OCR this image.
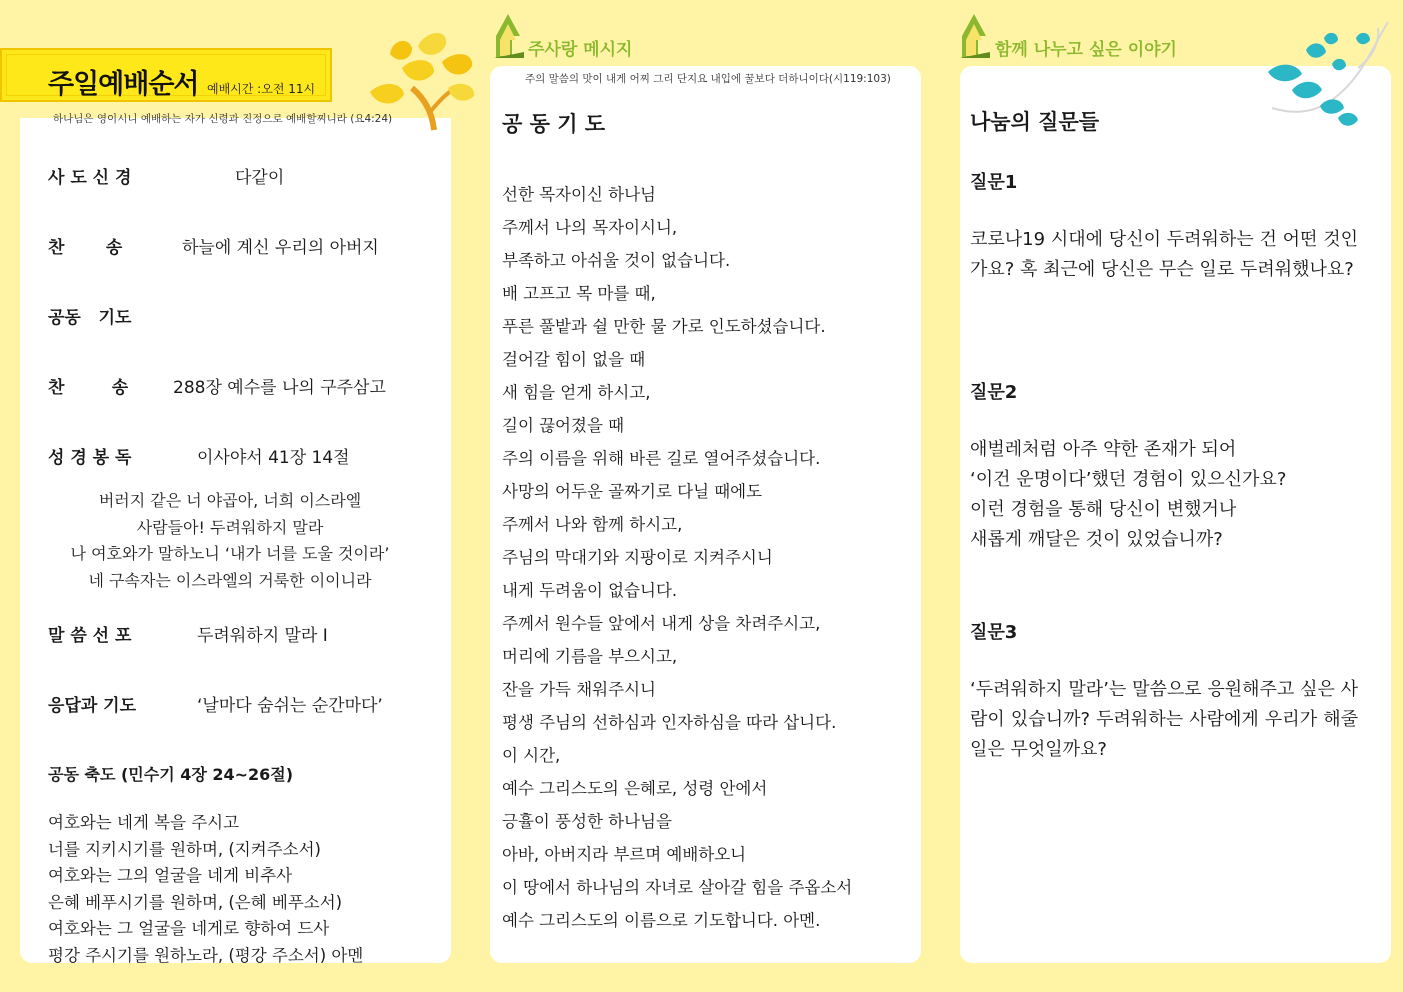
주일예배순서 예배시간 :오전 11시
하나님은 영이시니 예배하는 자가 신령과 진정으로 예배할찌니라 (요4:24)
사 도 신 경	다같이
찬       송	하늘에 계신 우리의 아버지
공동   기도
찬        송	288장 예수를 나의 구주삼고
성 경 봉 독	이사야서 41장 14절
버러지 같은 너 야곱아, 너희 이스라엘
사람들아! 두려워하지 말라
나 여호와가 말하노니 ‘내가 너를 도울 것이라’
네 구속자는 이스라엘의 거룩한 이이니라
말 씀 선 포	두려워하지 말라 I
응답과 기도	‘날마다 숨쉬는 순간마다’
공동 축도 (민수기 4장 24~26절)
여호와는 네게 복을 주시고
너를 지키시기를 원하며, (지켜주소서)
여호와는 그의 얼굴을 네게 비추사
은혜 베푸시기를 원하며, (은혜 베푸소서)
여호와는 그 얼굴을 네게로 향하여 드사
평강 주시기를 원하노라, (평강 주소서) 아멘
주사랑 메시지
주의 말씀의 맛이 내게 어찌 그리 단지요 내입에 꿀보다 더하니이다(시119:103)
공 동 기 도
선한 목자이신 하나님
주께서 나의 목자이시니,
부족하고 아쉬울 것이 없습니다.
배 고프고 목 마를 때,
푸른 풀밭과 쉴 만한 물 가로 인도하셨습니다.
걸어갈 힘이 없을 때
새 힘을 얻게 하시고,
길이 끊어졌을 때
주의 이름을 위해 바른 길로 열어주셨습니다.
사망의 어두운 골짜기로 다닐 때에도
주께서 나와 함께 하시고,
주님의 막대기와 지팡이로 지켜주시니
내게 두려움이 없습니다.
주께서 원수들 앞에서 내게 상을 차려주시고,
머리에 기름을 부으시고,
잔을 가득 채워주시니
평생 주님의 선하심과 인자하심을 따라 삽니다.
이 시간,
예수 그리스도의 은혜로, 성령 안에서
긍휼이 풍성한 하나님을
아바, 아버지라 부르며 예배하오니
이 땅에서 하나님의 자녀로 살아갈 힘을 주옵소서
예수 그리스도의 이름으로 기도합니다. 아멘.
함께 나누고 싶은 이야기
나눔의 질문들
질문1
코로나19 시대에 당신이 두려워하는 건 어떤 것인가요? 혹 최근에 당신은 무슨 일로 두려워했나요?
질문2
애벌레처럼 아주 약한 존재가 되어
‘이건 운명이다’했던 경험이 있으신가요?
이런 경험을 통해 당신이 변했거나
새롭게 깨달은 것이 있었습니까?
질문3
‘두려워하지 말라’는 말씀으로 응원해주고 싶은 사람이 있습니까? 두려워하는 사람에게 우리가 해줄 일은 무엇일까요?
